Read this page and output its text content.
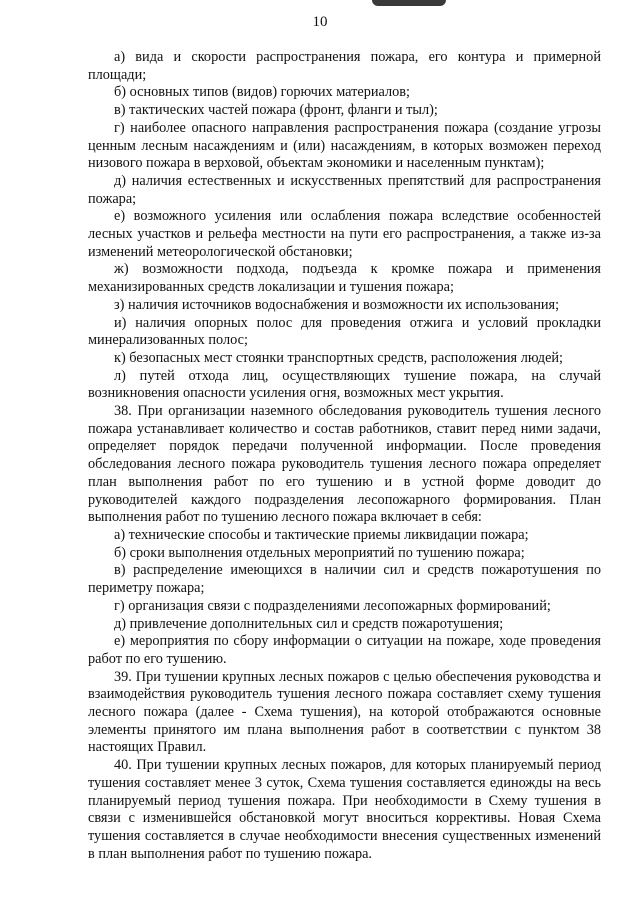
10

а) вида и скорости распространения пожара, его контура и примерной площади;

б) основных типов (видов) горючих материалов;

в) тактических частей пожара (фронт, фланги и тыл);

г) наиболее опасного направления распространения пожара (создание угрозы ценным лесным насаждениям и (или) насаждениям, в которых возможен переход низового пожара в верховой, объектам экономики и населенным пунктам);

д) наличия естественных и искусственных препятствий для распространения пожара;

е) возможного усиления или ослабления пожара вследствие особенностей лесных участков и рельефа местности на пути его распространения, а также из-за изменений метеорологической обстановки;

ж) возможности подхода, подъезда к кромке пожара и применения механизированных средств локализации и тушения пожара;

з) наличия источников водоснабжения и возможности их использования;

и) наличия опорных полос для проведения отжига и условий прокладки минерализованных полос;

к) безопасных мест стоянки транспортных средств, расположения людей;

л) путей отхода лиц, осуществляющих тушение пожара, на случай возникновения опасности усиления огня, возможных мест укрытия.

38. При организации наземного обследования руководитель тушения лесного пожара устанавливает количество и состав работников, ставит перед ними задачи, определяет порядок передачи полученной информации. После проведения обследования лесного пожара руководитель тушения лесного пожара определяет план выполнения работ по его тушению и в устной форме доводит до руководителей каждого подразделения лесопожарного формирования. План выполнения работ по тушению лесного пожара включает в себя:

а) технические способы и тактические приемы ликвидации пожара;

б) сроки выполнения отдельных мероприятий по тушению пожара;

в) распределение имеющихся в наличии сил и средств пожаротушения по периметру пожара;

г) организация связи с подразделениями лесопожарных формирований;

д) привлечение дополнительных сил и средств пожаротушения;

е) мероприятия по сбору информации о ситуации на пожаре, ходе проведения работ по его тушению.

39. При тушении крупных лесных пожаров с целью обеспечения руководства и взаимодействия руководитель тушения лесного пожара составляет схему тушения лесного пожара (далее - Схема тушения), на которой отображаются основные элементы принятого им плана выполнения работ в соответствии с пунктом 38 настоящих Правил.

40. При тушении крупных лесных пожаров, для которых планируемый период тушения составляет менее 3 суток, Схема тушения составляется единожды на весь планируемый период тушения пожара. При необходимости в Схему тушения в связи с изменившейся обстановкой могут вноситься коррективы. Новая Схема тушения составляется в случае необходимости внесения существенных изменений в план выполнения работ по тушению пожара.
